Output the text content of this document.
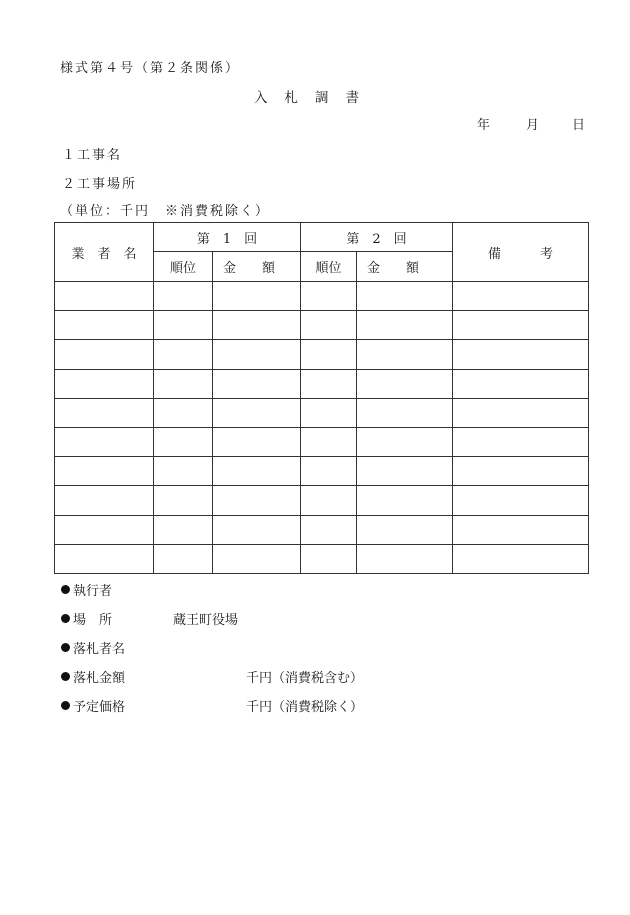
様式第４号（第２条関係）
入札調書
年	月	日
１工事名
２工事場所
（単位：千円　※消費税除く）
業　者　名	第　1　回		第　2　回		備　　　考
	順位	金　　額	順位	金　　額	

執行者
場　所	蔵王町役場
落札者名
落札金額	千円（消費税含む）
予定価格	千円（消費税除く）
